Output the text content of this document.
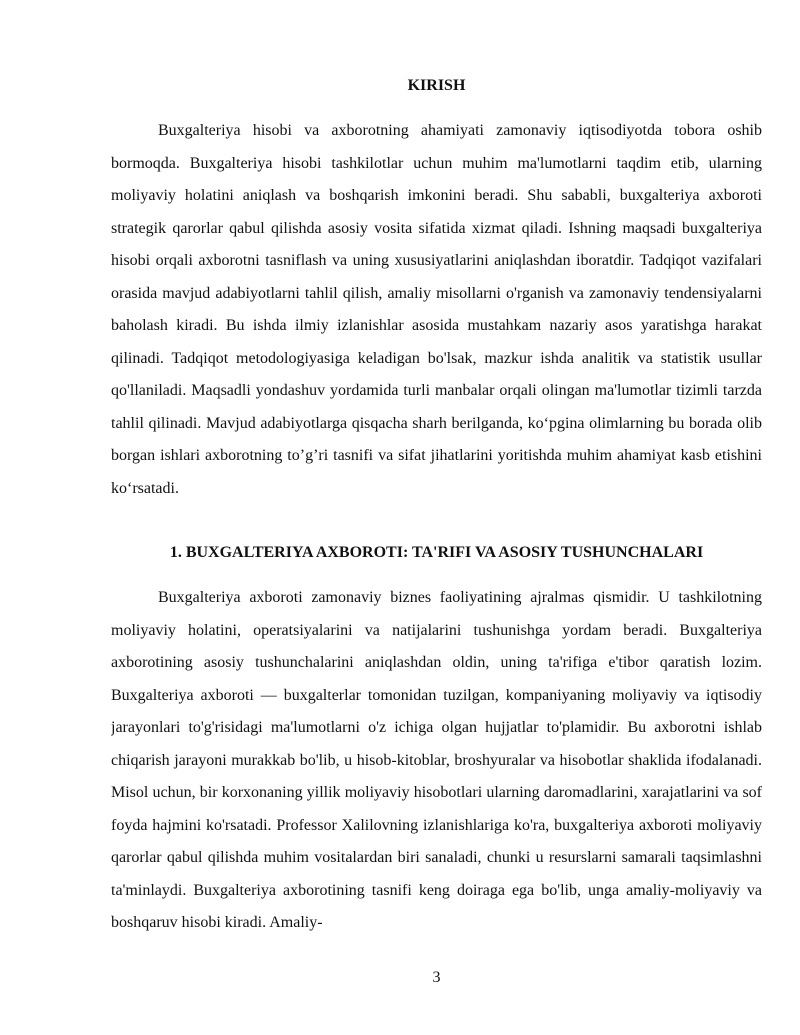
KIRISH

Buxgalteriya hisobi va axborotning ahamiyati zamonaviy iqtisodiyotda tobora oshib bormoqda. Buxgalteriya hisobi tashkilotlar uchun muhim ma'lumotlarni taqdim etib, ularning moliyaviy holatini aniqlash va boshqarish imkonini beradi. Shu sababli, buxgalteriya axboroti strategik qarorlar qabul qilishda asosiy vosita sifatida xizmat qiladi. Ishning maqsadi buxgalteriya hisobi orqali axborotni tasniflash va uning xususiyatlarini aniqlashdan iboratdir. Tadqiqot vazifalari orasida mavjud adabiyotlarni tahlil qilish, amaliy misollarni o'rganish va zamonaviy tendensiyalarni baholash kiradi. Bu ishda ilmiy izlanishlar asosida mustahkam nazariy asos yaratishga harakat qilinadi. Tadqiqot metodologiyasiga keladigan bo'lsak, mazkur ishda analitik va statistik usullar qo'llaniladi. Maqsadli yondashuv yordamida turli manbalar orqali olingan ma'lumotlar tizimli tarzda tahlil qilinadi. Mavjud adabiyotlarga qisqacha sharh berilganda, ko‘pgina olimlarning bu borada olib borgan ishlari axborotning to’g’ri tasnifi va sifat jihatlarini yoritishda muhim ahamiyat kasb etishini ko‘rsatadi.

1. BUXGALTERIYA AXBOROTI: TA'RIFI VA ASOSIY TUSHUNCHALARI

Buxgalteriya axboroti zamonaviy biznes faoliyatining ajralmas qismidir. U tashkilotning moliyaviy holatini, operatsiyalarini va natijalarini tushunishga yordam beradi. Buxgalteriya axborotining asosiy tushunchalarini aniqlashdan oldin, uning ta'rifiga e'tibor qaratish lozim. Buxgalteriya axboroti — buxgalterlar tomonidan tuzilgan, kompaniyaning moliyaviy va iqtisodiy jarayonlari to'g'risidagi ma'lumotlarni o'z ichiga olgan hujjatlar to'plamidir. Bu axborotni ishlab chiqarish jarayoni murakkab bo'lib, u hisob-kitoblar, broshyuralar va hisobotlar shaklida ifodalanadi. Misol uchun, bir korxonaning yillik moliyaviy hisobotlari ularning daromadlarini, xarajatlarini va sof foyda hajmini ko'rsatadi. Professor Xalilovning izlanishlariga ko'ra, buxgalteriya axboroti moliyaviy qarorlar qabul qilishda muhim vositalardan biri sanaladi, chunki u resurslarni samarali taqsimlashni ta'minlaydi. Buxgalteriya axborotining tasnifi keng doiraga ega bo'lib, unga amaliy-moliyaviy va boshqaruv hisobi kiradi. Amaliy-

3
